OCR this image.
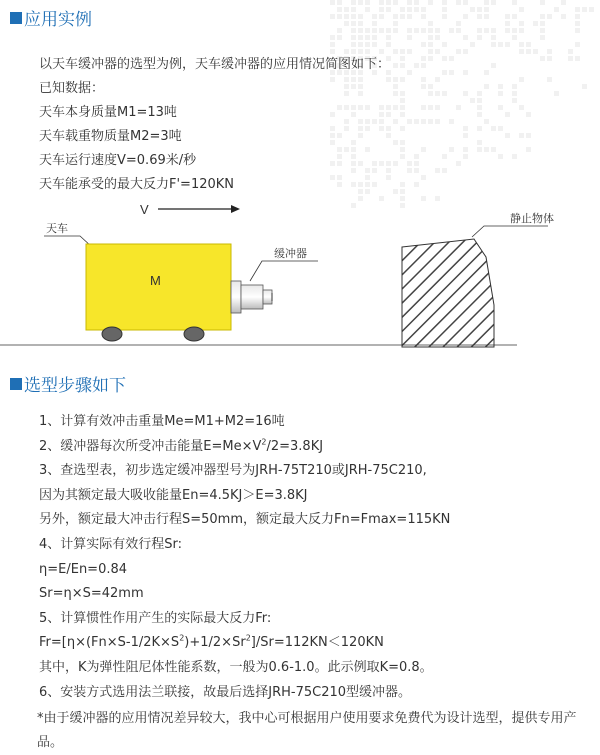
应用实例
以天车缓冲器的选型为例，天车缓冲器的应用情况简图如下：
已知数据：
天车本身质量M1=13吨
天车载重物质量M2=3吨
天车运行速度V=0.69米/秒
天车能承受的最大反力F'=120KN
V
天车
M
缓冲器
静止物体
选型步骤如下
1、计算有效冲击重量Me=M1+M2=16吨
2、缓冲器每次所受冲击能量$E=Me\times V^2/2=3.8KJ$
3、查选型表，初步选定缓冲器型号为JRH-75T210或JRH-75C210,
因为其额定最大吸收能量En=4.5KJ＞E=3.8KJ
另外，额定最大冲击行程S=50mm，额定最大反力Fn=Fmax=115KN
4、计算实际有效行程Sr:
η=E/En=0.84
Sr=η×S=42mm
5、计算惯性作用产生的实际最大反力Fr:
$Fr=[\eta\times(Fn\times S-1/2K\times S^2)+1/2\times Sr^2]/Sr=112KN<120KN$
其中，K为弹性阻尼体性能系数，一般为0.6-1.0。此示例取K=0.8。
6、安装方式选用法兰联接，故最后选择JRH-75C210型缓冲器。
*由于缓冲器的应用情况差异较大，我中心可根据用户使用要求免费代为设计选型，提供专用产品。
